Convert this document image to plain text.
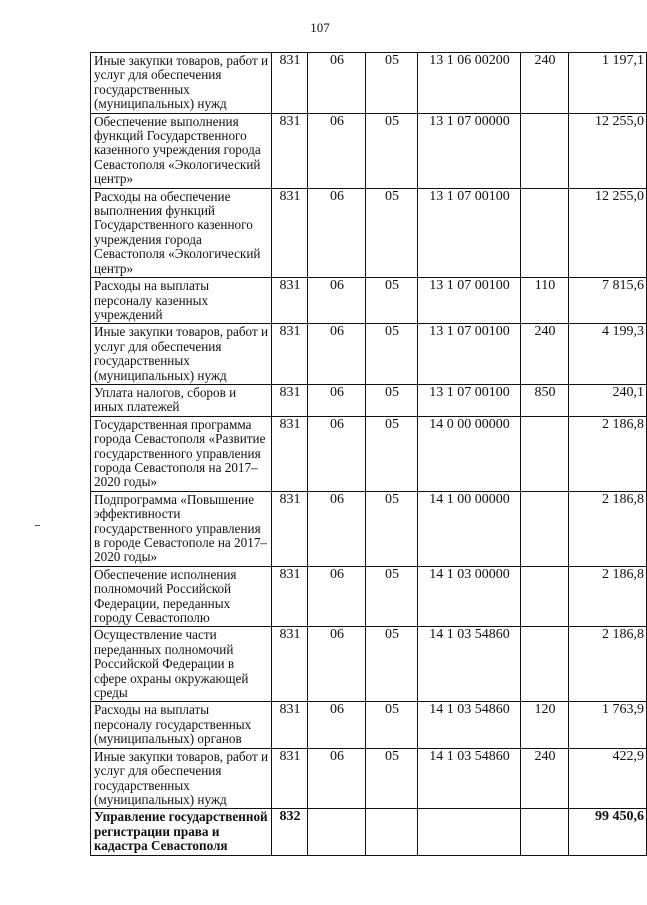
107
Иные закупки товаров, работ и услуг для обеспечения государственных (муниципальных) нужд	831	06	05	13 1 06 00200	240	1 197,1
Обеспечение выполнения функций Государственного казенного учреждения города Севастополя «Экологический центр»	831	06	05	13 1 07 00000		12 255,0
Расходы на обеспечение выполнения функций Государственного казенного учреждения города Севастополя «Экологический центр»	831	06	05	13 1 07 00100		12 255,0
Расходы на выплаты персоналу казенных учреждений	831	06	05	13 1 07 00100	110	7 815,6
Иные закупки товаров, работ и услуг для обеспечения государственных (муниципальных) нужд	831	06	05	13 1 07 00100	240	4 199,3
Уплата налогов, сборов и иных платежей	831	06	05	13 1 07 00100	850	240,1
Государственная программа города Севастополя «Развитие государственного управления города Севастополя на 2017–2020 годы»	831	06	05	14 0 00 00000		2 186,8
Подпрограмма «Повышение эффективности государственного управления в городе Севастополе на 2017–2020 годы»	831	06	05	14 1 00 00000		2 186,8
Обеспечение исполнения полномочий Российской Федерации, переданных городу Севастополю	831	06	05	14 1 03 00000		2 186,8
Осуществление части переданных полномочий Российской Федерации в сфере охраны окружающей среды	831	06	05	14 1 03 54860		2 186,8
Расходы на выплаты персоналу государственных (муниципальных) органов	831	06	05	14 1 03 54860	120	1 763,9
Иные закупки товаров, работ и услуг для обеспечения государственных (муниципальных) нужд	831	06	05	14 1 03 54860	240	422,9
Управление государственной регистрации права и кадастра Севастополя	832					99 450,6
